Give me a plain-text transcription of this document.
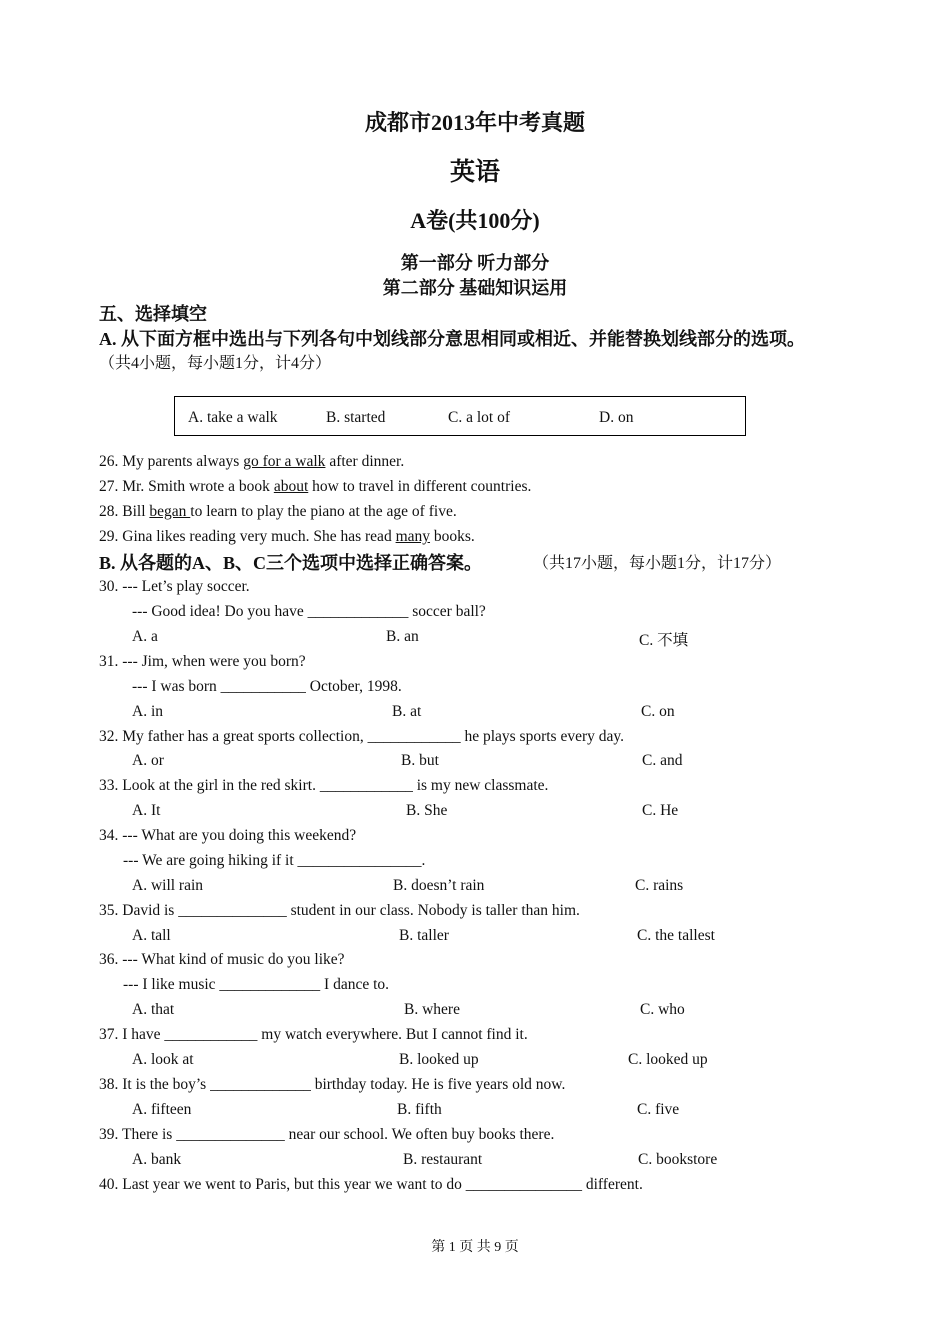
成都市2013年中考真题
英语
A卷(共100分)
第一部分 听力部分
第二部分 基础知识运用
五、选择填空
A. 从下面方框中选出与下列各句中划线部分意思相同或相近、并能替换划线部分的选项。
（共4小题，每小题1分，计4分）
A. take a walk	B. started	C. a lot of	D. on
26. My parents always go for a walk after dinner.
27. Mr. Smith wrote a book about how to travel in different countries.
28. Bill began to learn to play the piano at the age of five.
29. Gina likes reading very much. She has read many books.
B. 从各题的A、B、C三个选项中选择正确答案。	（共17小题，每小题1分，计17分）
30. --- Let’s play soccer.
--- Good idea! Do you have _____________ soccer ball?
A. a	B. an	C. 不填
31. --- Jim, when were you born?
--- I was born ___________ October, 1998.
A. in	B. at	C. on
32. My father has a great sports collection, ____________ he plays sports every day.
A. or	B. but	C. and
33. Look at the girl in the red skirt. ____________ is my new classmate.
A. It	B. She	C. He
34. --- What are you doing this weekend?
--- We are going hiking if it ________________.
A. will rain	B. doesn’t rain	C. rains
35. David is ______________ student in our class. Nobody is taller than him.
A. tall	B. taller	C. the tallest
36. --- What kind of music do you like?
--- I like music _____________ I dance to.
A. that	B. where	C. who
37. I have ____________ my watch everywhere. But I cannot find it.
A. look at	B. looked up	C. looked up
38. It is the boy’s _____________ birthday today. He is five years old now.
A. fifteen	B. fifth	C. five
39. There is ______________ near our school. We often buy books there.
A. bank	B. restaurant	C. bookstore
40. Last year we went to Paris, but this year we want to do _______________ different.
第 1 页 共 9 页
